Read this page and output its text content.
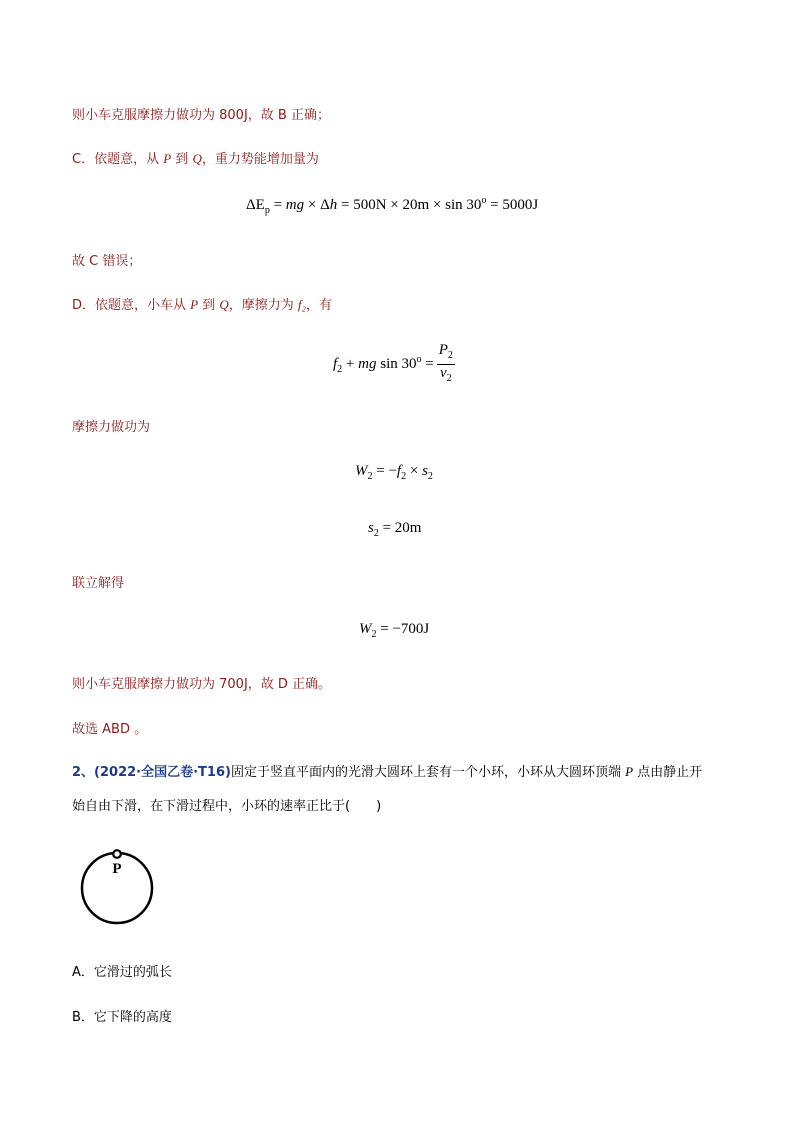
则小车克服摩擦力做功为 800J，故 B 正确；
C．依题意，从 P 到 Q，重力势能增加量为
$\Delta E_p$ = mg × $\Delta h = 500N \times 20m \times \sin 30^o = 5000J$
故 C 错误；
D．依题意，小车从 P 到 Q，摩擦力为 f₂，有
$f_2$ + mg $\sin 30^o = \frac{P_2}{v_2}$
摩擦力做功为
$W_2 = -f_2 \times s_2$
$s_2 = 20m$
联立解得
$W_2 = -700J$
则小车克服摩擦力做功为 700J，故 D 正确。
故选 ABD 。
2、(2022·全国乙卷·T16)固定于竖直平面内的光滑大圆环上套有一个小环，小环从大圆环顶端 P 点由静止开
始自由下滑，在下滑过程中，小环的速率正比于(　　)
P
A．它滑过的弧长
B．它下降的高度
